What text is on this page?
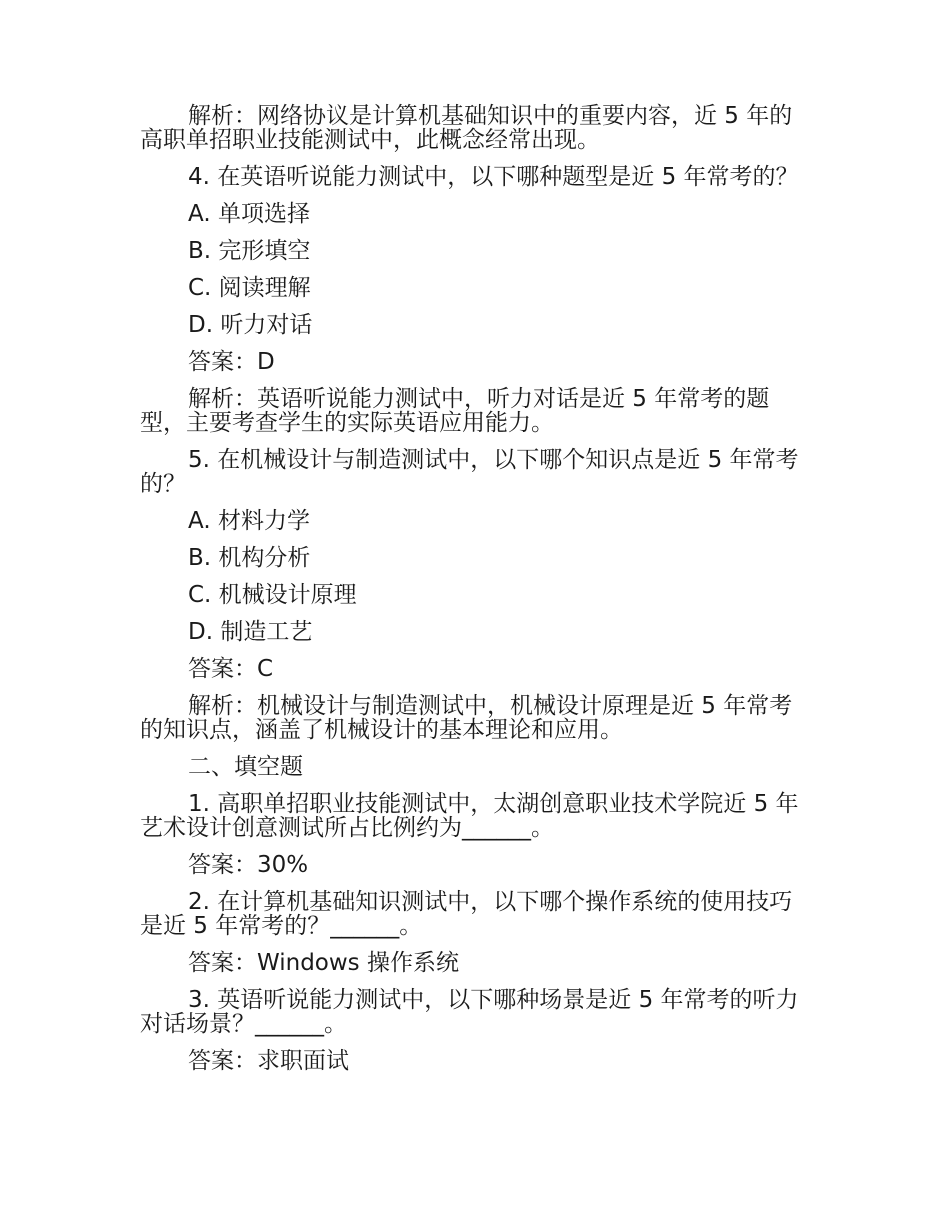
解析：网络协议是计算机基础知识中的重要内容，近 5 年的高职单招职业技能测试中，此概念经常出现。

4. 在英语听说能力测试中，以下哪种题型是近 5 年常考的？

A. 单项选择

B. 完形填空

C. 阅读理解

D. 听力对话

答案：D

解析：英语听说能力测试中，听力对话是近 5 年常考的题型，主要考查学生的实际英语应用能力。

5. 在机械设计与制造测试中，以下哪个知识点是近 5 年常考的？

A. 材料力学

B. 机构分析

C. 机械设计原理

D. 制造工艺

答案：C

解析：机械设计与制造测试中，机械设计原理是近 5 年常考的知识点，涵盖了机械设计的基本理论和应用。

二、填空题

1. 高职单招职业技能测试中，太湖创意职业技术学院近 5 年艺术设计创意测试所占比例约为______。

答案：30%

2. 在计算机基础知识测试中，以下哪个操作系统的使用技巧是近 5 年常考的？______。

答案：Windows 操作系统

3. 英语听说能力测试中，以下哪种场景是近 5 年常考的听力对话场景？______。

答案：求职面试
